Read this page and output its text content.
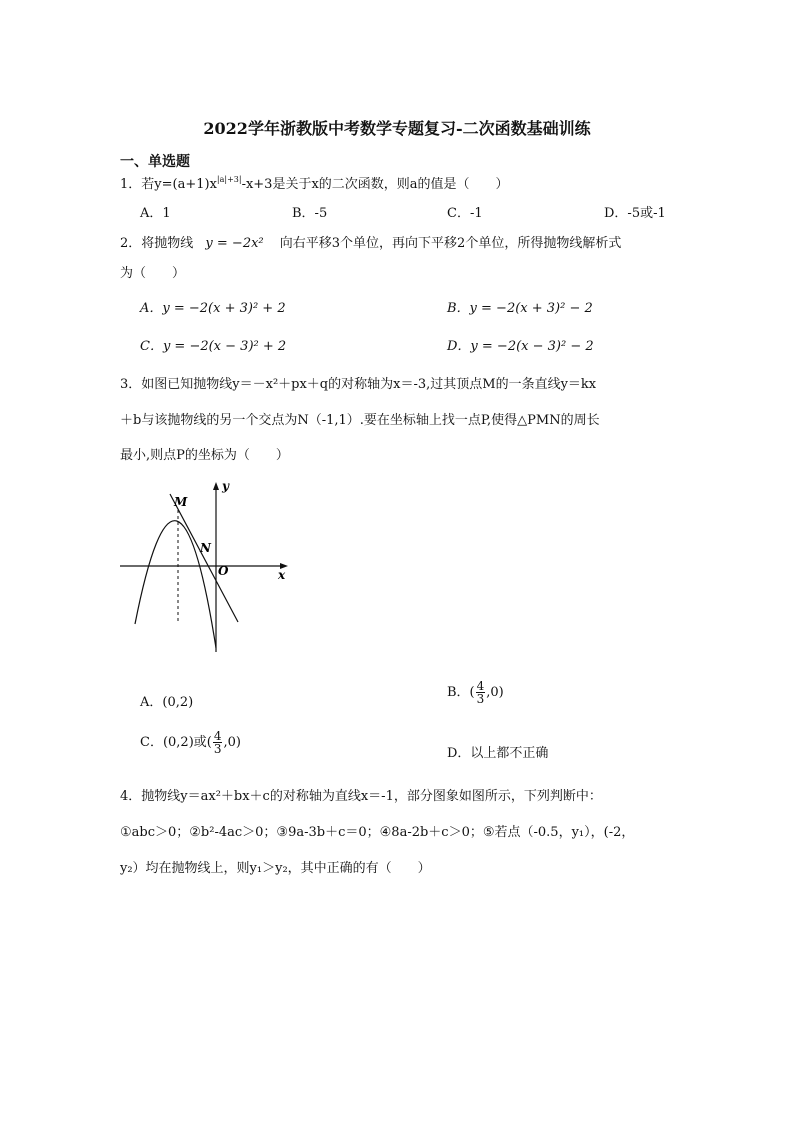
2022学年浙教版中考数学专题复习-二次函数基础训练
一、单选题
1．若$y=(a+1)x^{|a|+3|}-x+3$是关于x的二次函数，则a的值是（　　）
A．1	B．-5	C．-1	D．-5或-1
2．将抛物线 y = −2x² 向右平移3个单位，再向下平移2个单位，所得抛物线解析式
为（　　）
A．y = −2(x + 3)² + 2	B．y = −2(x + 3)² − 2
C．y = −2(x − 3)² + 2	D．y = −2(x − 3)² − 2
3．如图已知抛物线y＝－x²＋px＋q的对称轴为x＝-3,过其顶点M的一条直线y＝kx
＋b与该抛物线的另一个交点为N（-1,1）.要在坐标轴上找一点P,使得△PMN的周长
最小,则点P的坐标为（　　）
y
x
M
N
O
A．(0,2)
B．( $\frac{4}{3} ,0$)
C．(0,2)或( $\frac{4}{3} ,0$)
D．以上都不正确
4．抛物线y＝ax²＋bx＋c的对称轴为直线x＝-1，部分图象如图所示，下列判断中：
①abc＞0；②b²-4ac＞0；③9a-3b＋c＝0；④8a-2b＋c＞0；⑤若点（-0.5，y₁），(-2，
y₂）均在抛物线上，则y₁＞y₂，其中正确的有（　　）
